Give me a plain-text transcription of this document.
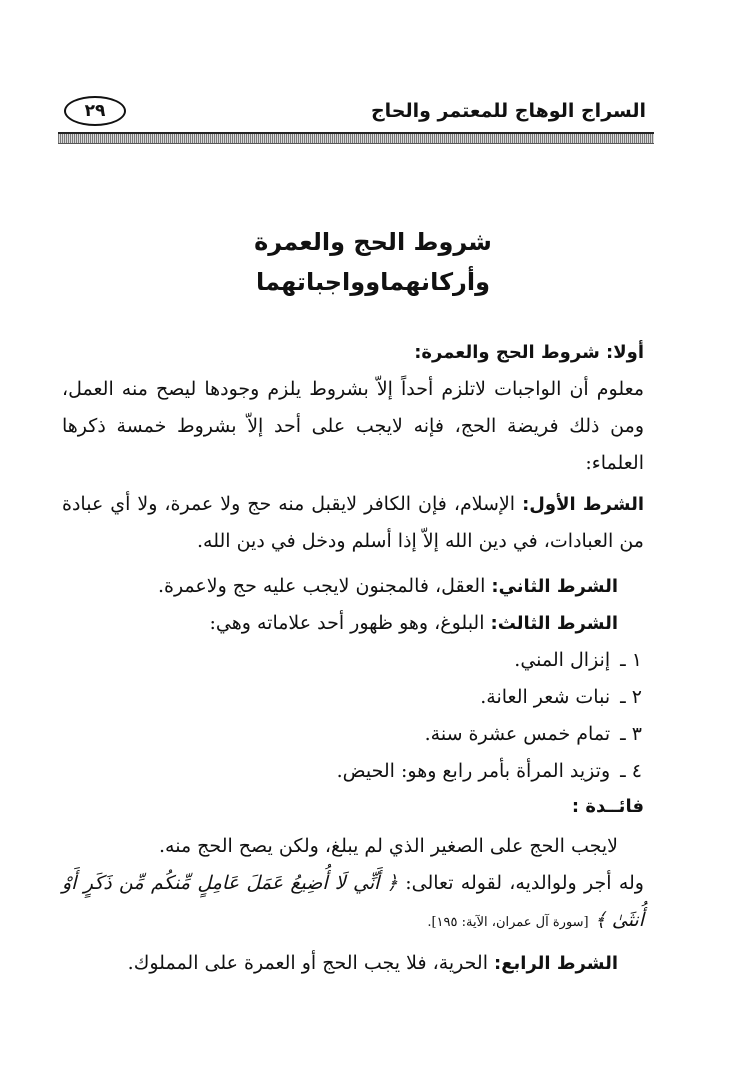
السراج الوهاج للمعتمر والحاج
٢٩
شروط الحج والعمرة
وأركانهماوواجباتهما

أولا: شروط الحج والعمرة:

معلوم أن الواجبات لاتلزم أحداً إلاّ بشروط يلزم وجودها ليصح منه العمل، ومن ذلك فريضة الحج، فإنه لايجب على أحد إلاّ بشروط خمسة ذكرها العلماء:

الشرط الأول: الإسلام، فإن الكافر لايقبل منه حج ولا عمرة، ولا أي عبادة من العبادات، في دين الله إلاّ إذا أسلم ودخل في دين الله.

الشرط الثاني: العقل، فالمجنون لايجب عليه حج ولاعمرة.

الشرط الثالث: البلوغ، وهو ظهور أحد علاماته وهي:

١ ـ إنزال المني.

٢ ـ نبات شعر العانة.

٣ ـ تمام خمس عشرة سنة.

٤ ـ وتزيد المرأة بأمر رابع وهو: الحيض.

فائــدة :

لايجب الحج على الصغير الذي لم يبلغ، ولكن يصح الحج منه.

وله أجر ولوالديه، لقوله تعالى: ﴿ أَنِّي لَا أُضِيعُ عَمَلَ عَامِلٍ مِّنكُم مِّن ذَكَرٍ أَوْ أُنثَىٰ ﴾ [سورة آل عمران، الآية: ١٩٥].

الشرط الرابع: الحرية، فلا يجب الحج أو العمرة على المملوك.
